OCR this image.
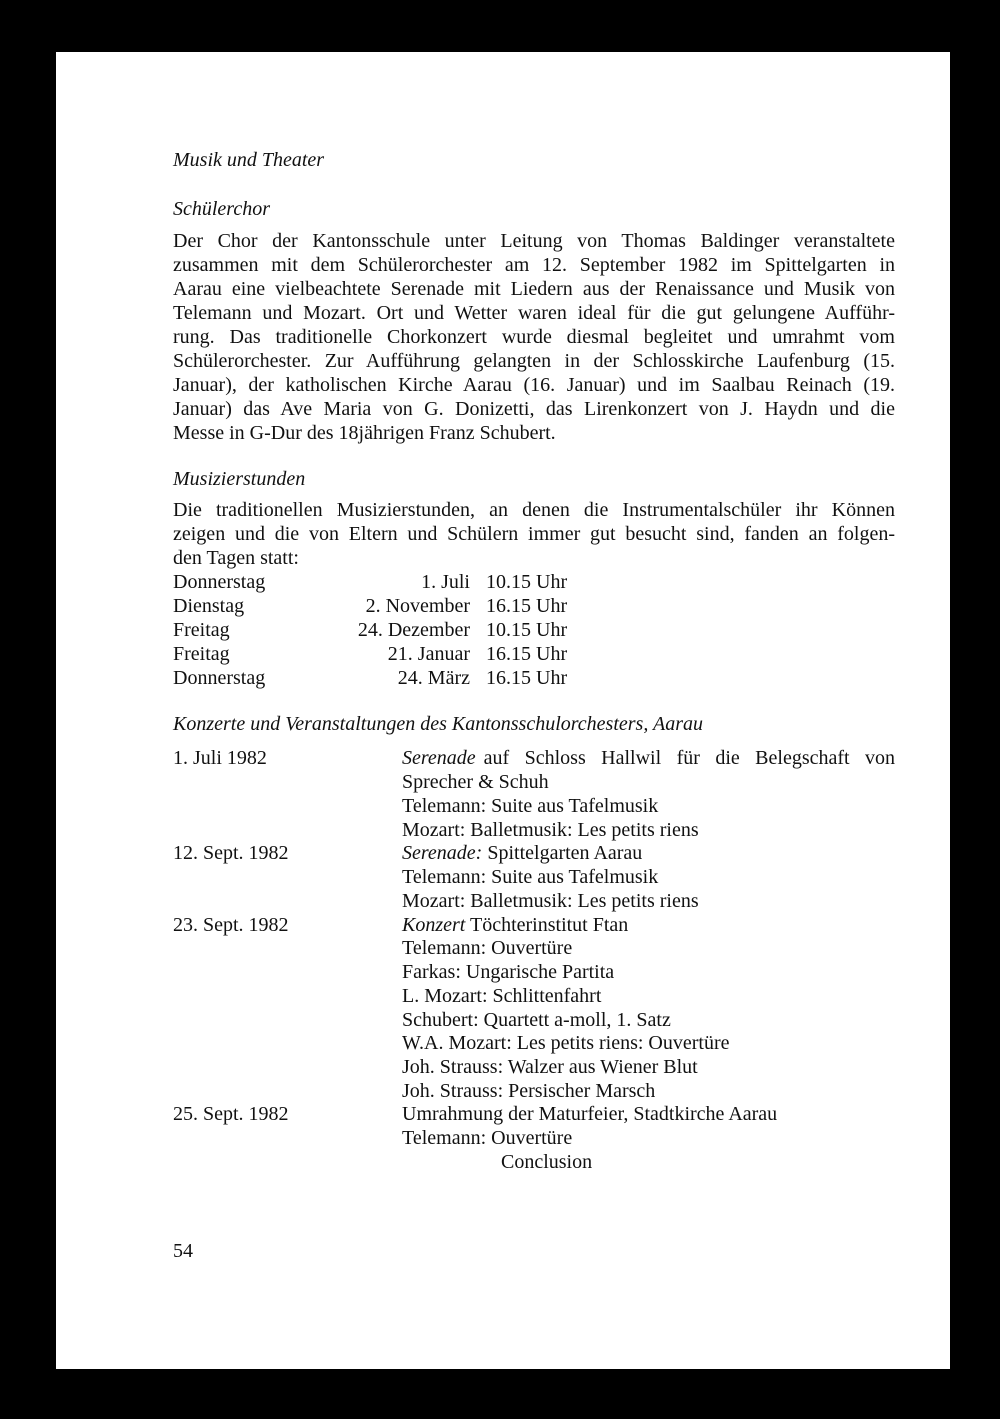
Musik und Theater
Schülerchor
Der Chor der Kantonsschule unter Leitung von Thomas Baldinger veranstaltete
zusammen mit dem Schülerorchester am 12. September 1982 im Spittelgarten in
Aarau eine vielbeachtete Serenade mit Liedern aus der Renaissance und Musik von
Telemann und Mozart. Ort und Wetter waren ideal für die gut gelungene Aufführ-
rung. Das traditionelle Chorkonzert wurde diesmal begleitet und umrahmt vom
Schülerorchester. Zur Aufführung gelangten in der Schlosskirche Laufenburg (15.
Januar), der katholischen Kirche Aarau (16. Januar) und im Saalbau Reinach (19.
Januar) das Ave Maria von G. Donizetti, das Lirenkonzert von J. Haydn und die
Messe in G-Dur des 18jährigen Franz Schubert.
Musizierstunden
Die traditionellen Musizierstunden, an denen die Instrumentalschüler ihr Können
zeigen und die von Eltern und Schülern immer gut besucht sind, fanden an folgen-
den Tagen statt:
Donnerstag	1. Juli 10.15 Uhr
Dienstag	2. November 16.15 Uhr
Freitag	24. Dezember 10.15 Uhr
Freitag	21. Januar 16.15 Uhr
Donnerstag	24. März 16.15 Uhr
Konzerte und Veranstaltungen des Kantonsschulorchesters, Aarau
1. Juli 1982	Serenade auf Schloss Hallwil für die Belegschaft von
Sprecher & Schuh
Telemann: Suite aus Tafelmusik
Mozart: Balletmusik: Les petits riens
12. Sept. 1982	Serenade: Spittelgarten Aarau
Telemann: Suite aus Tafelmusik
Mozart: Balletmusik: Les petits riens
23. Sept. 1982	Konzert Töchterinstitut Ftan
Telemann: Ouvertüre
Farkas: Ungarische Partita
L. Mozart: Schlittenfahrt
Schubert: Quartett a-moll, 1. Satz
W.A. Mozart: Les petits riens: Ouvertüre
Joh. Strauss: Walzer aus Wiener Blut
Joh. Strauss: Persischer Marsch
25. Sept. 1982	Umrahmung der Maturfeier, Stadtkirche Aarau
Telemann: Ouvertüre
Conclusion
54
